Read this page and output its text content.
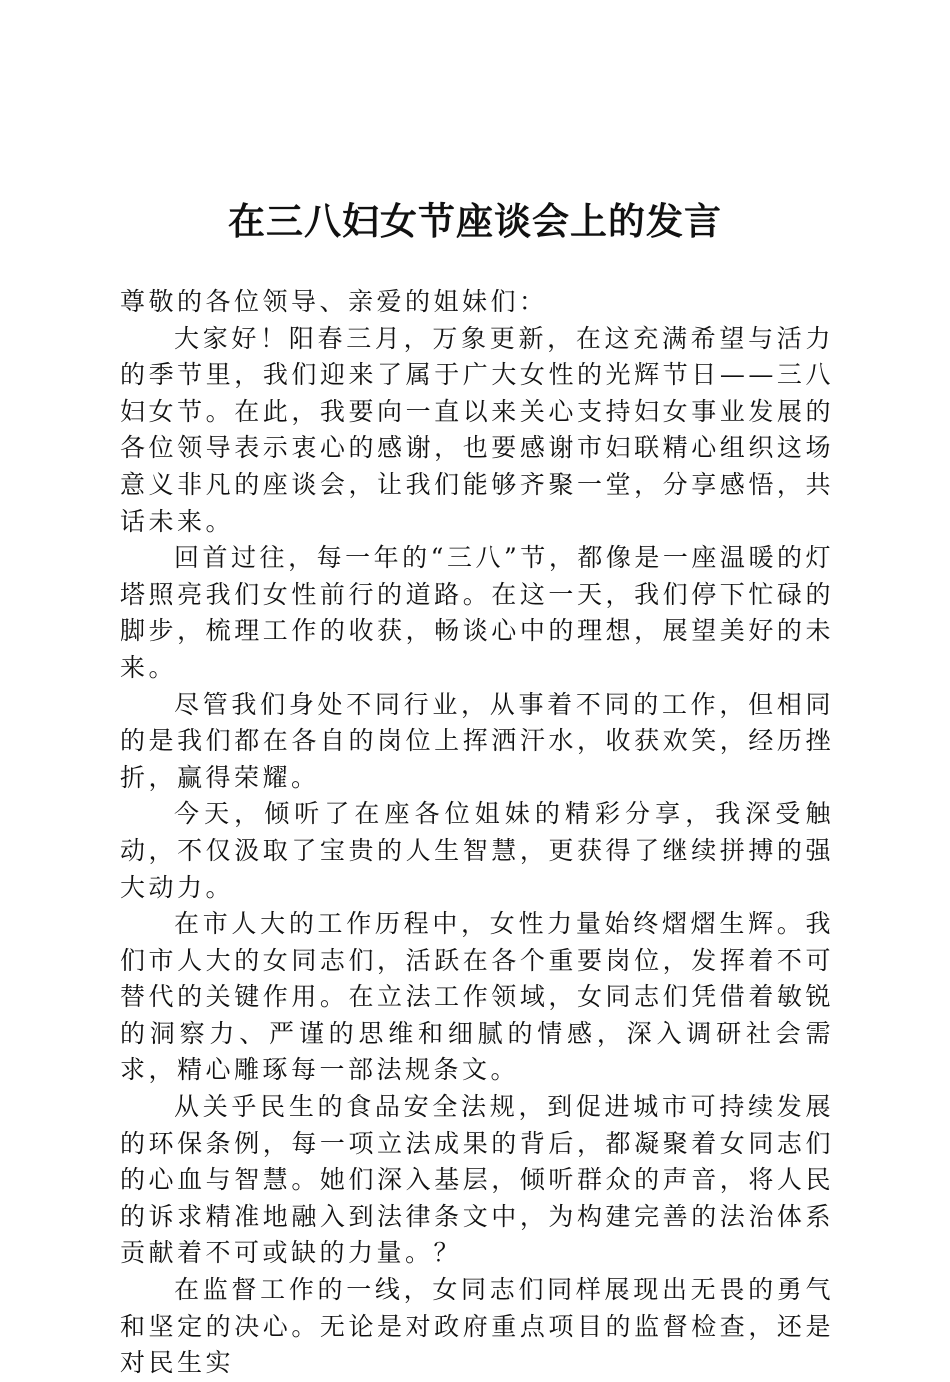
在三八妇女节座谈会上的发言

尊敬的各位领导、亲爱的姐妹们：

大家好！阳春三月，万象更新，在这充满希望与活力的季节里，我们迎来了属于广大女性的光辉节日——三八妇女节。在此，我要向一直以来关心支持妇女事业发展的各位领导表示衷心的感谢，也要感谢市妇联精心组织这场意义非凡的座谈会，让我们能够齐聚一堂，分享感悟，共话未来。

回首过往，每一年的“三八”节，都像是一座温暖的灯塔照亮我们女性前行的道路。在这一天，我们停下忙碌的脚步，梳理工作的收获，畅谈心中的理想，展望美好的未来。

尽管我们身处不同行业，从事着不同的工作，但相同的是我们都在各自的岗位上挥洒汗水，收获欢笑，经历挫折，赢得荣耀。

今天，倾听了在座各位姐妹的精彩分享，我深受触动，不仅汲取了宝贵的人生智慧，更获得了继续拼搏的强大动力。

在市人大的工作历程中，女性力量始终熠熠生辉。我们市人大的女同志们，活跃在各个重要岗位，发挥着不可替代的关键作用。在立法工作领域，女同志们凭借着敏锐的洞察力、严谨的思维和细腻的情感，深入调研社会需求，精心雕琢每一部法规条文。

从关乎民生的食品安全法规，到促进城市可持续发展的环保条例，每一项立法成果的背后，都凝聚着女同志们的心血与智慧。她们深入基层，倾听群众的声音，将人民的诉求精准地融入到法律条文中，为构建完善的法治体系贡献着不可或缺的力量。？

在监督工作的一线，女同志们同样展现出无畏的勇气和坚定的决心。无论是对政府重点项目的监督检查，还是对民生实
